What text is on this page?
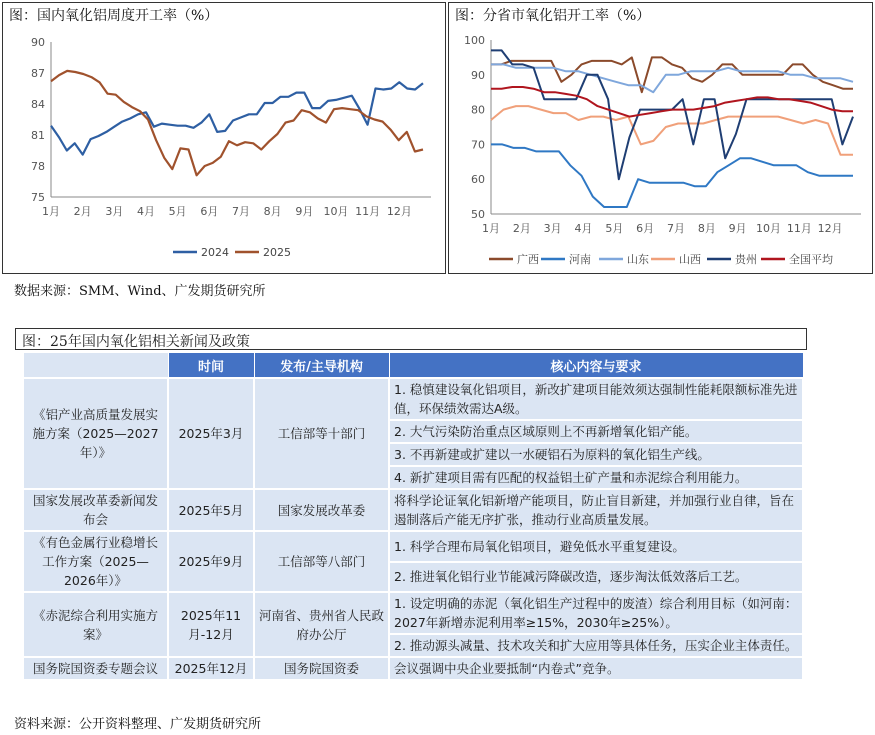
图：国内氧化铝周度开工率（%）
75
78
81
84
87
90
1月 2月 3月 4月 5月 6月 7月 8月 9月 10月 11月 12月
2024	2025
图：分省市氧化铝开工率（%）
50
60
70
80
90
100
1月 2月 3月 4月 5月 6月 7月 8月 9月 10月 11月 12月
广西	河南	山东	山西	贵州	全国平均
数据来源：SMM、Wind、广发期货研究所
图：25年国内氧化铝相关新闻及政策
	时间	发布/主导机构	核心内容与要求
《铝产业高质量发展实施方案（2025—2027年）》	2025年3月	工信部等十部门	1. 稳慎建设氧化铝项目，新改扩建项目能效须达强制性能耗限额标准先进值，环保绩效需达A级。
			2. 大气污染防治重点区域原则上不再新增氧化铝产能。
			3. 不再新建或扩建以一水硬铝石为原料的氧化铝生产线。
			4. 新扩建项目需有匹配的权益铝土矿产量和赤泥综合利用能力。
国家发展改革委新闻发布会	2025年5月	国家发展改革委	将科学论证氧化铝新增产能项目，防止盲目新建，并加强行业自律，旨在遏制落后产能无序扩张，推动行业高质量发展。
《有色金属行业稳增长工作方案（2025—2026年）》	2025年9月	工信部等八部门	1. 科学合理布局氧化铝项目，避免低水平重复建设。
			2. 推进氧化铝行业节能减污降碳改造，逐步淘汰低效落后工艺。
《赤泥综合利用实施方案》	2025年11月-12月	河南省、贵州省人民政府办公厅	1. 设定明确的赤泥（氧化铝生产过程中的废渣）综合利用目标（如河南：2027年新增赤泥利用率≥15%，2030年≥25%）。
			2. 推动源头减量、技术攻关和扩大应用等具体任务，压实企业主体责任。
国务院国资委专题会议	2025年12月	国务院国资委	会议强调中央企业要抵制“内卷式”竞争。
资料来源：公开资料整理、广发期货研究所
